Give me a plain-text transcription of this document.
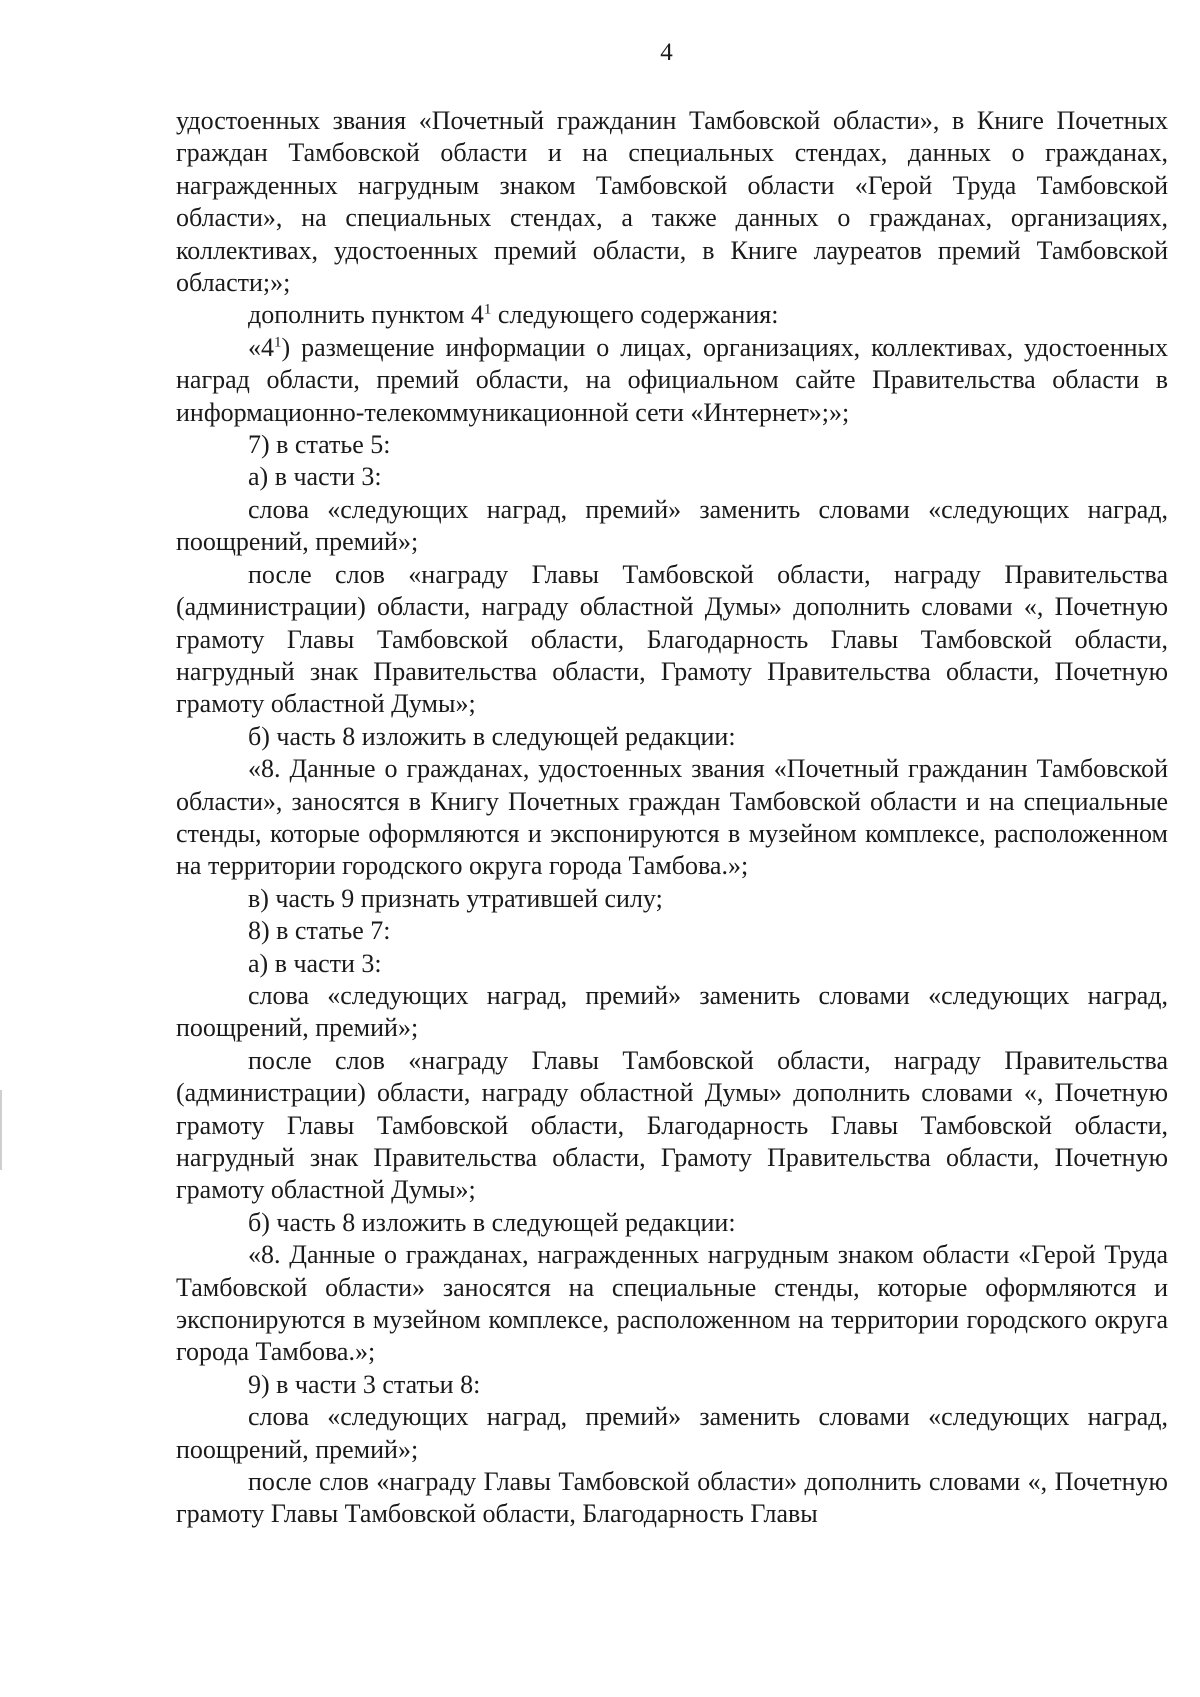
4

удостоенных звания «Почетный гражданин Тамбовской области», в Книге Почетных граждан Тамбовской области и на специальных стендах, данных о гражданах, награжденных нагрудным знаком Тамбовской области «Герой Труда Тамбовской области», на специальных стендах, а также данных о гражданах, организациях, коллективах, удостоенных премий области, в Книге лауреатов премий Тамбовской области;»;

дополнить пунктом $4^1$ следующего содержания:

«$4^1$) размещение информации о лицах, организациях, коллективах, удостоенных наград области, премий области, на официальном сайте Правительства области в информационно-телекоммуникационной сети «Интернет»;»;

7) в статье 5:

а) в части 3:

слова «следующих наград, премий» заменить словами «следующих наград, поощрений, премий»;

после слов «награду Главы Тамбовской области, награду Правительства (администрации) области, награду областной Думы» дополнить словами «, Почетную грамоту Главы Тамбовской области, Благодарность Главы Тамбовской области, нагрудный знак Правительства области, Грамоту Правительства области, Почетную грамоту областной Думы»;

б) часть 8 изложить в следующей редакции:

«8. Данные о гражданах, удостоенных звания «Почетный гражданин Тамбовской области», заносятся в Книгу Почетных граждан Тамбовской области и на специальные стенды, которые оформляются и экспонируются в музейном комплексе, расположенном на территории городского округа города Тамбова.»;

в) часть 9 признать утратившей силу;

8) в статье 7:

а) в части 3:

слова «следующих наград, премий» заменить словами «следующих наград, поощрений, премий»;

после слов «награду Главы Тамбовской области, награду Правительства (администрации) области, награду областной Думы» дополнить словами «, Почетную грамоту Главы Тамбовской области, Благодарность Главы Тамбовской области, нагрудный знак Правительства области, Грамоту Правительства области, Почетную грамоту областной Думы»;

б) часть 8 изложить в следующей редакции:

«8. Данные о гражданах, награжденных нагрудным знаком области «Герой Труда Тамбовской области» заносятся на специальные стенды, которые оформляются и экспонируются в музейном комплексе, расположенном на территории городского округа города Тамбова.»;

9) в части 3 статьи 8:

слова «следующих наград, премий» заменить словами «следующих наград, поощрений, премий»;

после слов «награду Главы Тамбовской области» дополнить словами «, Почетную грамоту Главы Тамбовской области, Благодарность Главы
